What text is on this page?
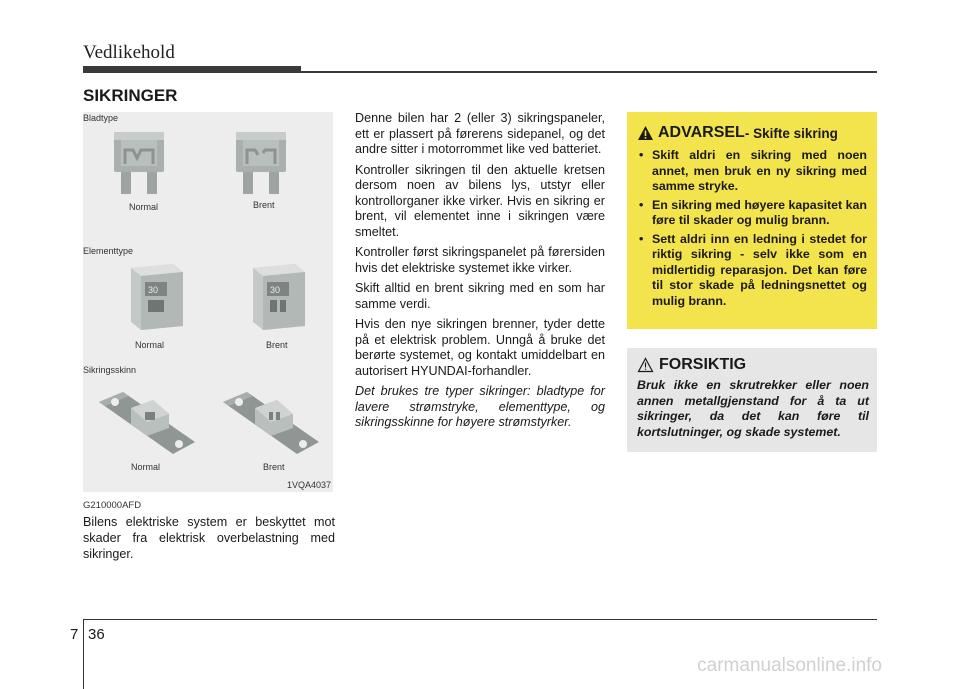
Vedlikehold
SIKRINGER
Bladtype
Normal	Brent
Elementtype
30
Normal
30
Brent
Sikringsskinn
Normal	Brent
1VQA4037
G210000AFD

Bilens elektriske system er beskyttet mot skader fra elektrisk overbelastning med sikringer.

Denne bilen har 2 (eller 3) sikringspaneler, ett er plassert på førerens sidepanel, og det andre sitter i motorrommet like ved batteriet.

Kontroller sikringen til den aktuelle kretsen dersom noen av bilens lys, utstyr eller kontrollorganer ikke virker. Hvis en sikring er brent, vil elementet inne i sikringen være smeltet.

Kontroller først sikringspanelet på førersiden hvis det elektriske systemet ikke virker.

Skift alltid en brent sikring med en som har samme verdi.

Hvis den nye sikringen brenner, tyder dette på et elektrisk problem. Unngå å bruke det berørte systemet, og kontakt umiddelbart en autorisert HYUNDAI-forhandler.

Det brukes tre typer sikringer: bladtype for lavere strømstryke, elementtype, og sikringsskinne for høyere strømstyrker.

ADVARSEL - Skifte sikring
• Skift aldri en sikring med noen annet, men bruk en ny sikring med samme stryke.
• En sikring med høyere kapasitet kan føre til skader og mulig brann.
• Sett aldri inn en ledning i stedet for riktig sikring - selv ikke som en midlertidig reparasjon. Det kan føre til stor skade på ledningsnettet og mulig brann.
FORSIKTIG

Bruk ikke en skrutrekker eller noen annen metallgjenstand for å ta ut sikringer, da det kan føre til kortslutninger, og skade systemet.

7 36
carmanualsonline.info
